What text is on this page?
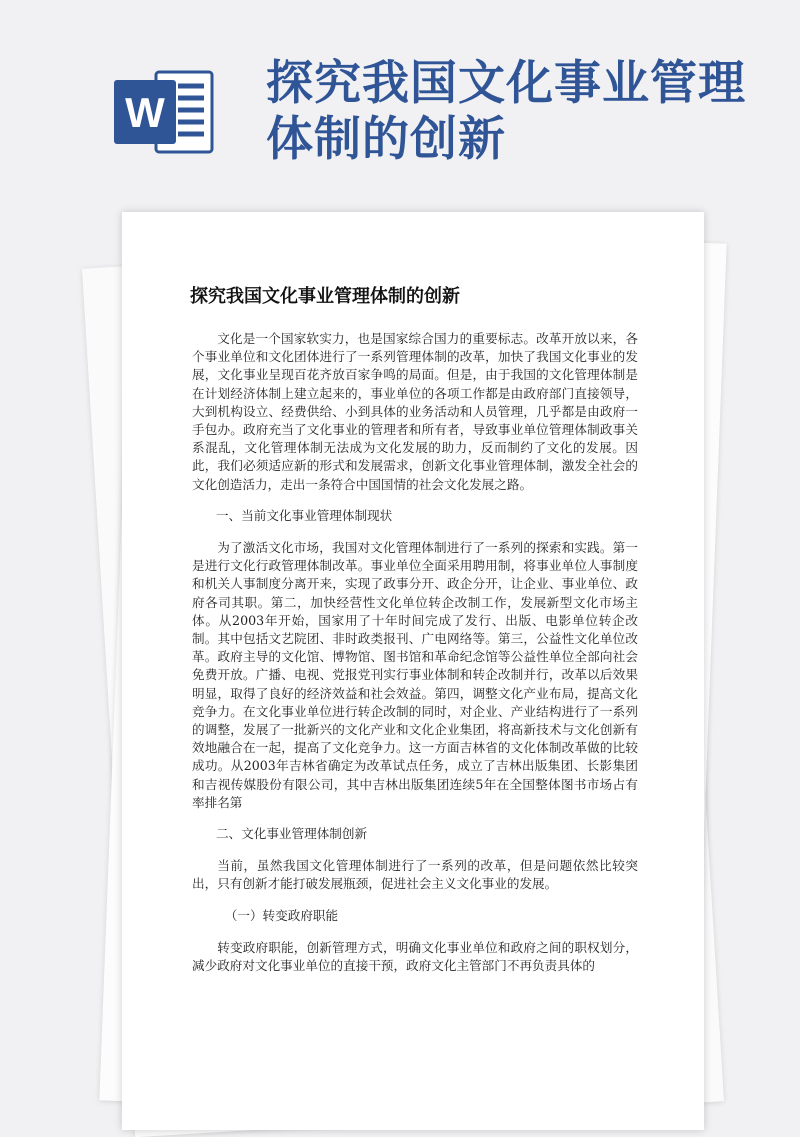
W
探究我国文化事业管理
体制的创新
探究我国文化事业管理体制的创新

文化是一个国家软实力，也是国家综合国力的重要标志。改革开放以来，各个事业单位和文化团体进行了一系列管理体制的改革，加快了我国文化事业的发展，文化事业呈现百花齐放百家争鸣的局面。但是，由于我国的文化管理体制是在计划经济体制上建立起来的，事业单位的各项工作都是由政府部门直接领导，大到机构设立、经费供给、小到具体的业务活动和人员管理，几乎都是由政府一手包办。政府充当了文化事业的管理者和所有者，导致事业单位管理体制政事关系混乱，文化管理体制无法成为文化发展的助力，反而制约了文化的发展。因此，我们必须适应新的形式和发展需求，创新文化事业管理体制，激发全社会的文化创造活力，走出一条符合中国国情的社会文化发展之路。

一、当前文化事业管理体制现状

为了激活文化市场，我国对文化管理体制进行了一系列的探索和实践。第一是进行文化行政管理体制改革。事业单位全面采用聘用制，将事业单位人事制度和机关人事制度分离开来，实现了政事分开、政企分开，让企业、事业单位、政府各司其职。第二，加快经营性文化单位转企改制工作，发展新型文化市场主体。从2003年开始，国家用了十年时间完成了发行、出版、电影单位转企改制。其中包括文艺院团、非时政类报刊、广电网络等。第三，公益性文化单位改革。政府主导的文化馆、博物馆、图书馆和革命纪念馆等公益性单位全部向社会免费开放。广播、电视、党报党刊实行事业体制和转企改制并行，改革以后效果明显，取得了良好的经济效益和社会效益。第四，调整文化产业布局，提高文化竞争力。在文化事业单位进行转企改制的同时，对企业、产业结构进行了一系列的调整，发展了一批新兴的文化产业和文化企业集团，将高新技术与文化创新有效地融合在一起，提高了文化竞争力。这一方面吉林省的文化体制改革做的比较成功。从2003年吉林省确定为改革试点任务，成立了吉林出版集团、长影集团和吉视传媒股份有限公司，其中吉林出版集团连续5年在全国整体图书市场占有率排名第

二、文化事业管理体制创新

当前，虽然我国文化管理体制进行了一系列的改革，但是问题依然比较突出，只有创新才能打破发展瓶颈，促进社会主义文化事业的发展。

（一）转变政府职能

转变政府职能，创新管理方式，明确文化事业单位和政府之间的职权划分，减少政府对文化事业单位的直接干预，政府文化主管部门不再负责具体的
